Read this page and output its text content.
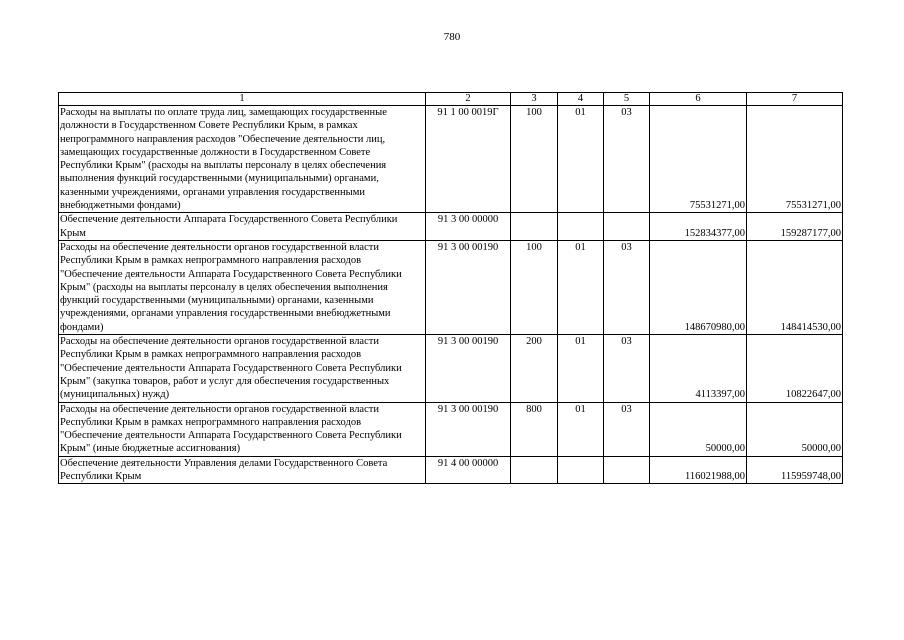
780
1	2	3	4	5	6	7
Расходы на выплаты по оплате труда лиц, замещающих государственные должности в Государственном Совете Республики Крым, в рамках непрограммного направления расходов "Обеспечение деятельности лиц, замещающих государственные должности в Государственном Совете Республики Крым" (расходы на выплаты персоналу в целях обеспечения выполнения функций государственными (муниципальными) органами, казенными учреждениями, органами управления государственными внебюджетными фондами)	91 1 00 0019Г	100	01	03	75531271,00	75531271,00
Обеспечение деятельности Аппарата Государственного Совета Республики Крым	91 3 00 00000				152834377,00	159287177,00
Расходы на обеспечение деятельности органов государственной власти Республики Крым в рамках непрограммного направления расходов "Обеспечение деятельности Аппарата Государственного Совета Республики Крым" (расходы на выплаты персоналу в целях обеспечения выполнения функций государственными (муниципальными) органами, казенными учреждениями, органами управления государственными внебюджетными фондами)	91 3 00 00190	100	01	03	148670980,00	148414530,00
Расходы на обеспечение деятельности органов государственной власти Республики Крым в рамках непрограммного направления расходов "Обеспечение деятельности Аппарата Государственного Совета Республики Крым" (закупка товаров, работ и услуг для обеспечения государственных (муниципальных) нужд)	91 3 00 00190	200	01	03	4113397,00	10822647,00
Расходы на обеспечение деятельности органов государственной власти Республики Крым в рамках непрограммного направления расходов "Обеспечение деятельности Аппарата Государственного Совета Республики Крым" (иные бюджетные ассигнования)	91 3 00 00190	800	01	03	50000,00	50000,00
Обеспечение деятельности Управления делами Государственного Совета Республики Крым	91 4 00 00000				116021988,00	115959748,00
